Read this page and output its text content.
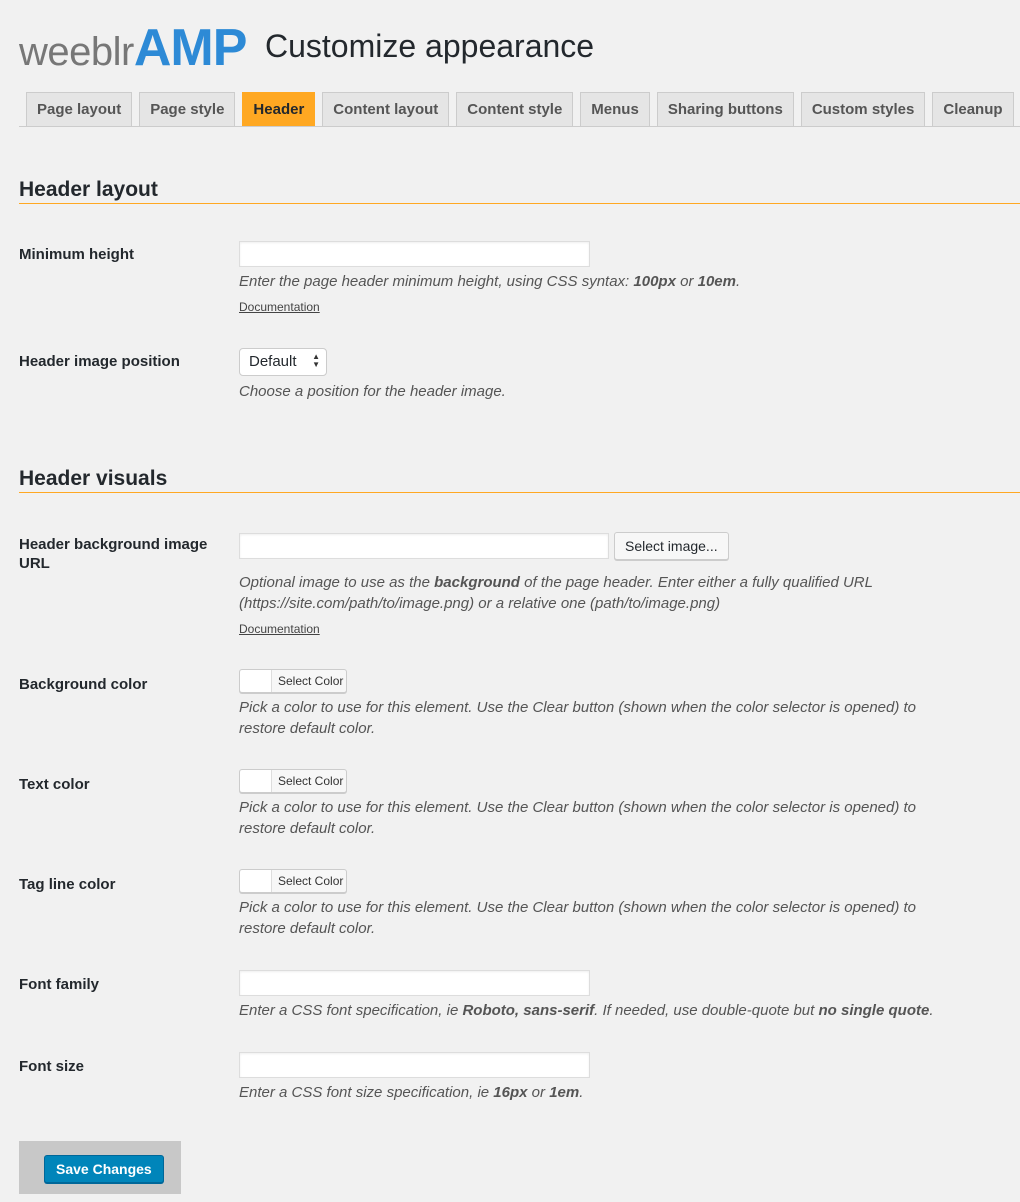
weeblrAMP Customize appearance
Page layout	Page style	Header	Content layout	Content style	Menus	Sharing buttons	Custom styles	Cleanup
Header layout
Minimum height
Enter the page header minimum height, using CSS syntax: 100px or 10em.
Documentation
Header image position	Default ▲
▼
Choose a position for the header image.
Header visuals
Header background image URL
Select image...
Optional image to use as the background of the page header. Enter either a fully qualified URL (https://site.com/path/to/image.png) or a relative one (path/to/image.png)
Documentation
Background color	Select Color
Pick a color to use for this element. Use the Clear button (shown when the color selector is opened) to restore default color.
Text color	Select Color
Pick a color to use for this element. Use the Clear button (shown when the color selector is opened) to restore default color.
Tag line color	Select Color
Pick a color to use for this element. Use the Clear button (shown when the color selector is opened) to restore default color.
Font family
Enter a CSS font specification, ie Roboto, sans-serif. If needed, use double-quote but no single quote.
Font size
Enter a CSS font size specification, ie 16px or 1em.
Save Changes
